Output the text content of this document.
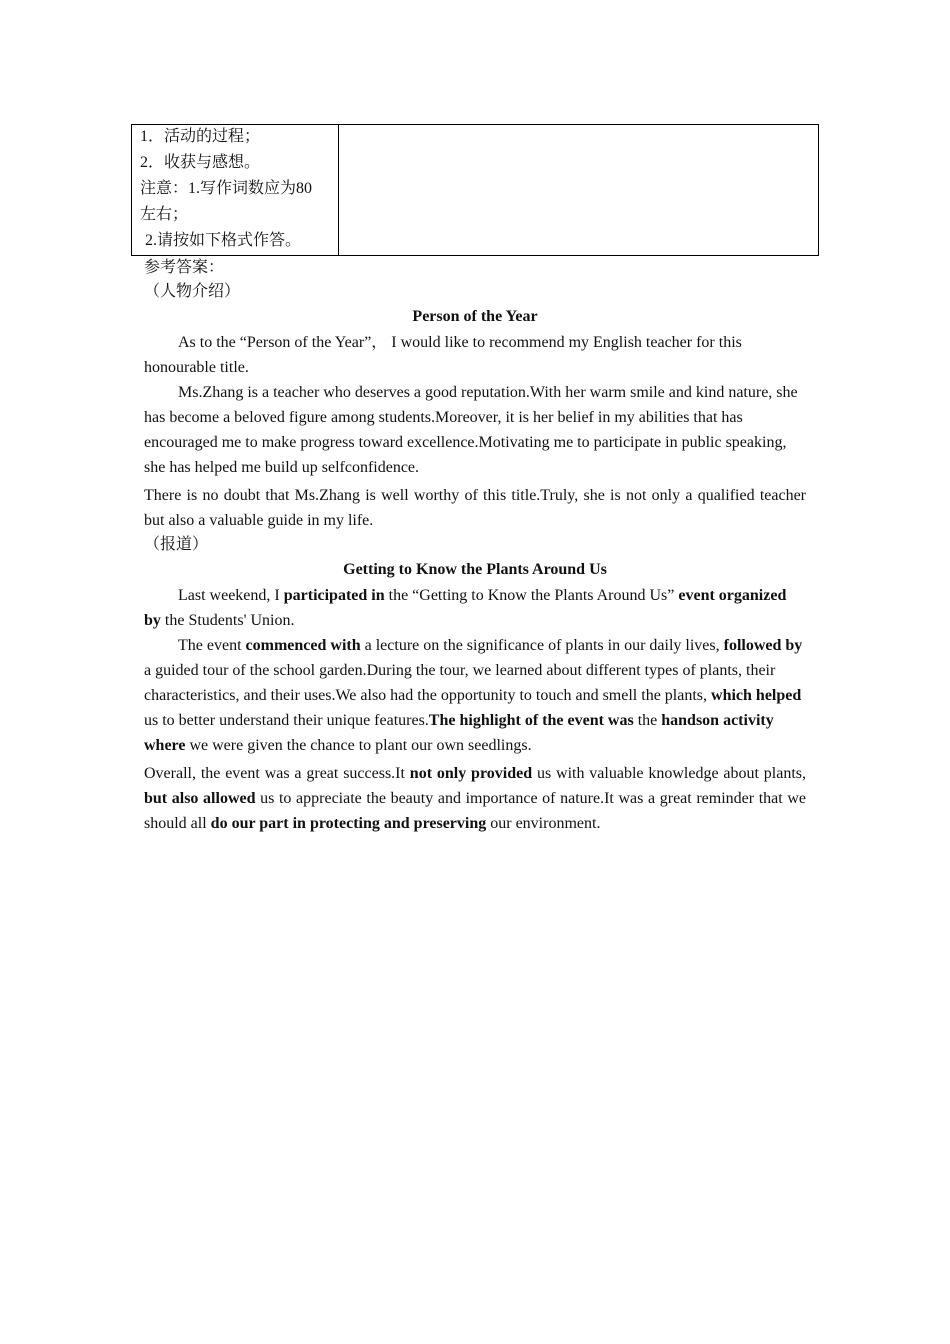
1．活动的过程；
2．收获与感想。
注意：1.写作词数应为80
左右；
2.请按如下格式作答。

参考答案：
（人物介绍）
Person of the Year

As to the “Person of the Year”， I would like to recommend my English teacher for this honourable title.

Ms.Zhang is a teacher who deserves a good reputation.With her warm smile and kind nature, she has become a beloved figure among students.Moreover, it is her belief in my abilities that has encouraged me to make progress toward excellence.Motivating me to participate in public speaking, she has helped me build up selfconfidence.

There is no doubt that Ms.Zhang is well worthy of this title.Truly, she is not only a qualified teacher but also a valuable guide in my life.

（报道）
Getting to Know the Plants Around Us

Last weekend, I participated in the “Getting to Know the Plants Around Us” event organized by the Students' Union.

The event commenced with a lecture on the significance of plants in our daily lives, followed by a guided tour of the school garden.During the tour, we learned about different types of plants, their characteristics, and their uses.We also had the opportunity to touch and smell the plants, which helped us to better understand their unique features.The highlight of the event was the handson activity where we were given the chance to plant our own seedlings.

Overall, the event was a great success.It not only provided us with valuable knowledge about plants, but also allowed us to appreciate the beauty and importance of nature.It was a great reminder that we should all do our part in protecting and preserving our environment.
